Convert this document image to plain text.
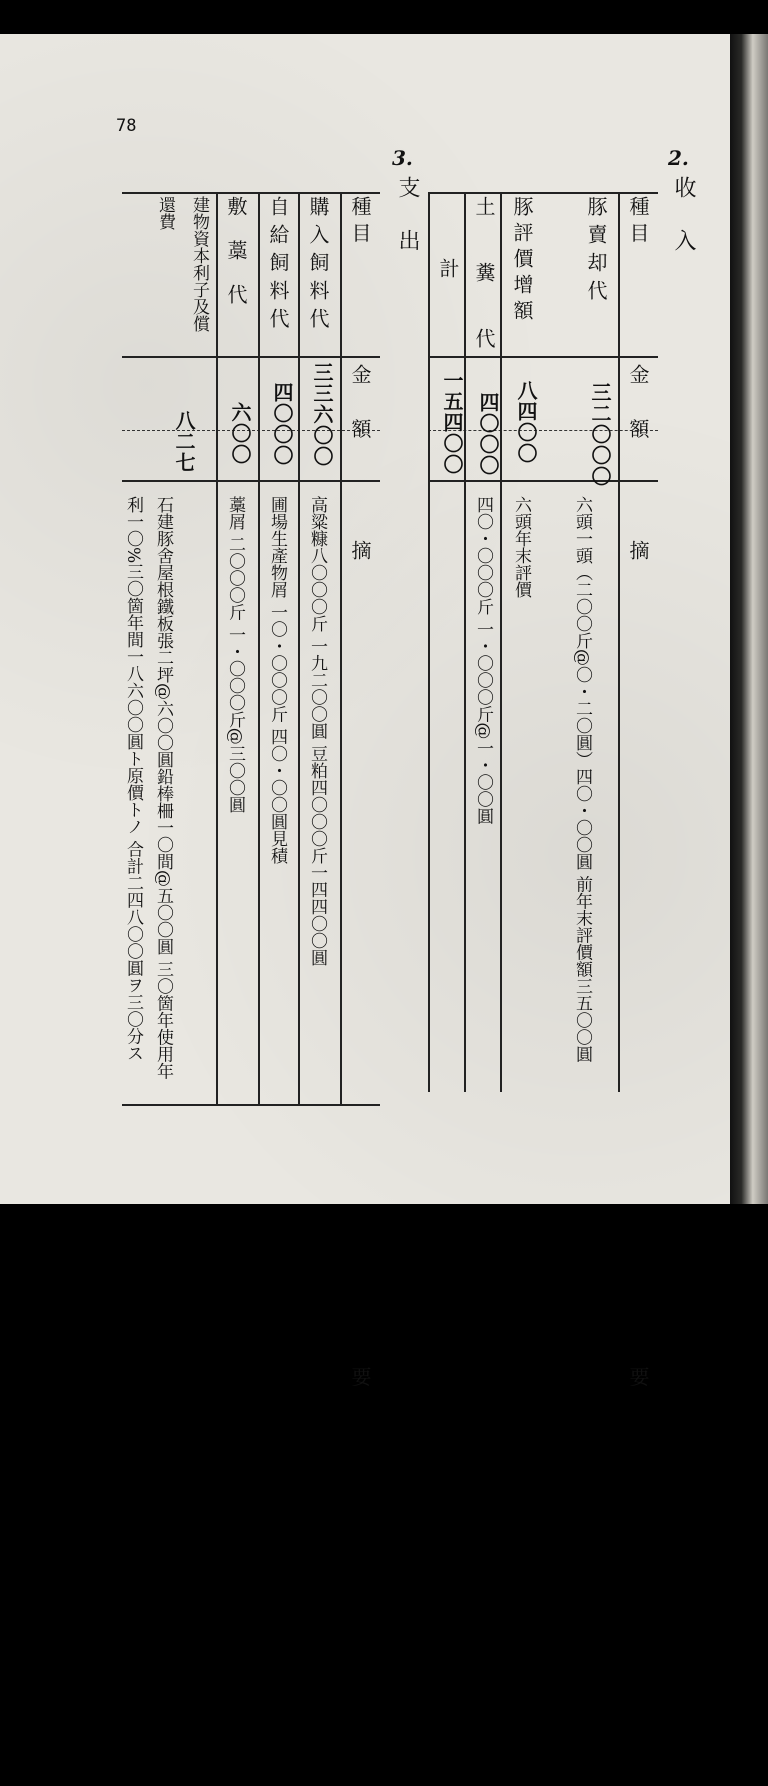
78
2.
收 入
種 目
金 額
摘 要
豚賣却代
三二〇〇〇
六頭一頭（二〇〇斤@〇・二〇圓）四〇・〇〇圓 前年末評價額三五〇〇圓
豚評價增額
八四〇〇
六頭年末評價
土糞代
四〇〇〇
四〇・〇〇〇斤 一・〇〇〇斤@一・〇〇圓
計
一五四〇〇
3.
支 出
種 目
金 額
摘 要
購入飼料代
三三六〇〇
高粱糠八〇〇〇斤 一九二〇〇圓 豆粕四〇〇〇斤一四四〇〇圓
自給飼料代
四〇〇〇
圃場生產物屑 一〇・〇〇〇斤 四〇・〇〇圓見積
敷藁代
六〇〇
藁屑 二〇〇〇斤 一・〇〇〇斤@三〇〇圓
建物資本利子及償還費
八二七
石建豚舍屋根鐵板張二坪@六〇〇圓鉛棒柵一〇間@五〇〇圓 三〇箇年使用年利一〇%三〇箇年間一八六〇〇圓ト原價トノ 合計二四八〇〇圓ヲ三〇分ス
